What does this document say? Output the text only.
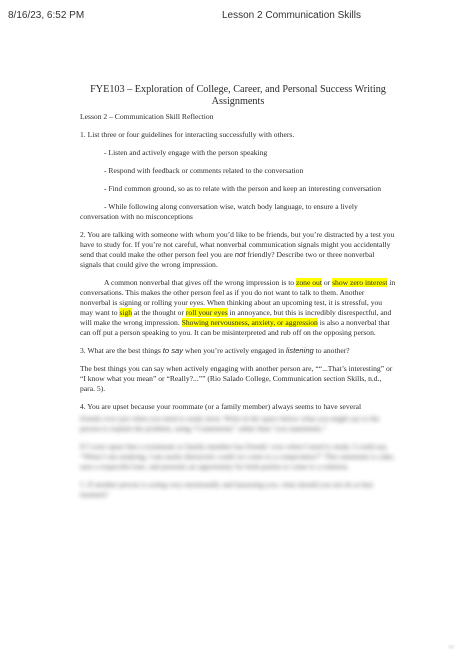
8/16/23, 6:52 PM	Lesson 2 Communication Skills
FYE103 – Exploration of College, Career, and Personal Success Writing Assignments

Lesson 2 – Communication Skill Reflection

1. List three or four guidelines for interacting successfully with others.

- Listen and actively engage with the person speaking

- Respond with feedback or comments related to the conversation

- Find common ground, so as to relate with the person and keep an interesting conversation

- While following along conversation wise, watch body language, to ensure a lively conversation with no misconceptions

2. You are talking with someone with whom you’d like to be friends, but you’re distracted by a test you have to study for. If you’re not careful, what nonverbal communication signals might you accidentally send that could make the other person feel you are not friendly? Describe two or three nonverbal signals that could give the wrong impression.

A common nonverbal that gives off the wrong impression is to zone out or show zero interest in conversations. This makes the other person feel as if you do not want to talk to them. Another nonverbal is signing or rolling your eyes. When thinking about an upcoming test, it is stressful, you may want to sigh at the thought or roll your eyes in annoyance, but this is incredibly disrespectful, and will make the wrong impression. Showing nervousness, anxiety, or aggression is also a nonverbal that can off put a person speaking to you. It can be misinterpreted and rub off on the opposing person.

3. What are the best things to say when you’re actively engaged in listening to another?

The best things you can say when actively engaging with another person are, ““...That’s interesting” or “I know what you mean” or “Really?...”” (Rio Salado College, Communication section Skills, n.d., para. 5).

4. You are upset because your roommate (or a family member) always seems to have several

friends over just when you need to study most. Write in the space below what you might say to the person to explain the problem, using “I statements” rather than “you statements.”

If I were upset that a roommate or family member has friends’ over when I need to study, I could say, “When I am studying, I am easily distracted, could we come to a compromise?” This statement is calm, uses a respectful tone, and presents an opportunity for both parties to come to a solution.

5. If another person is acting very emotionally and harassing you, what should you not do at that moment?

1/2
